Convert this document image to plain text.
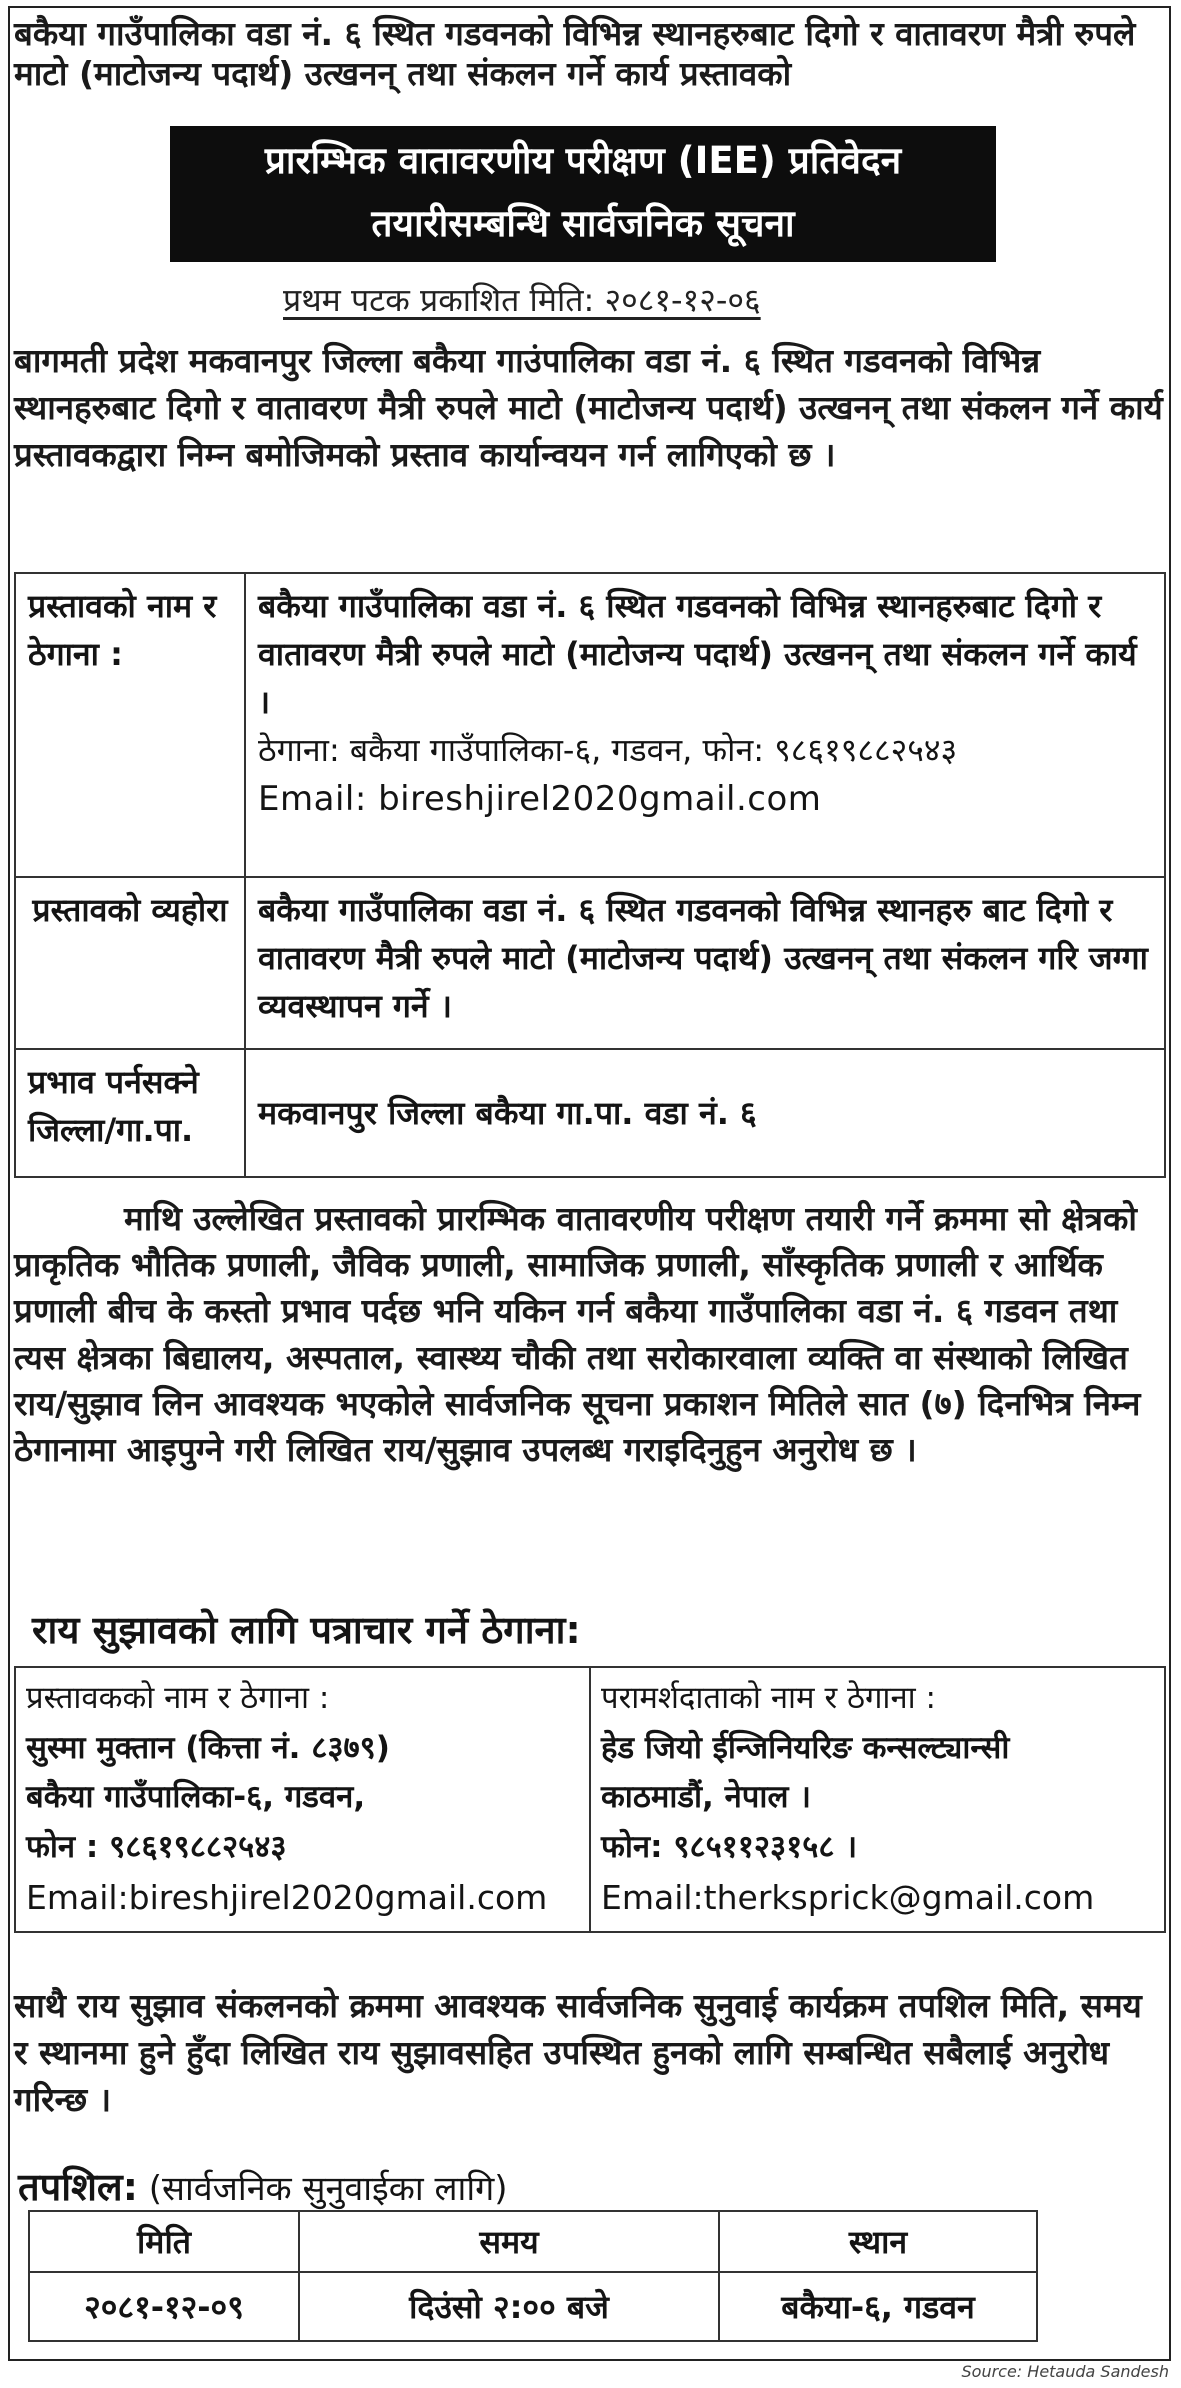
बकैया गाउँपालिका वडा नं. ६ स्थित गडवनको विभिन्न स्थानहरुबाट दिगो र वातावरण मैत्री रुपले माटो (माटोजन्य पदार्थ) उत्खनन् तथा संकलन गर्ने कार्य प्रस्तावको

प्रारम्भिक वातावरणीय परीक्षण (IEE) प्रतिवेदन
तयारीसम्बन्धि सार्वजनिक सूचना
प्रथम पटक प्रकाशित मिति: २०८१-१२-०६

बागमती प्रदेश मकवानपुर जिल्ला बकैया गाउंपालिका वडा नं. ६ स्थित गडवनको विभिन्न स्थानहरुबाट दिगो र वातावरण मैत्री रुपले माटो (माटोजन्य पदार्थ) उत्खनन् तथा संकलन गर्ने कार्य प्रस्तावकद्वारा निम्न बमोजिमको प्रस्ताव कार्यान्वयन गर्न लागिएको छ ।

प्रस्तावको नाम र ठेगाना :	बकैया गाउँपालिका वडा नं. ६ स्थित गडवनको विभिन्न स्थानहरुबाट दिगो र वातावरण मैत्री रुपले माटो (माटोजन्य पदार्थ) उत्खनन् तथा संकलन गर्ने कार्य ।
ठेगाना: बकैया गाउँपालिका-६, गडवन, फोन: ९८६१९८८२५४३
Email: bireshjirel2020gmail.com

प्रस्तावको व्यहोरा	बकैया गाउँपालिका वडा नं. ६ स्थित गडवनको विभिन्न स्थानहरु बाट दिगो र वातावरण मैत्री रुपले माटो (माटोजन्य पदार्थ) उत्खनन् तथा संकलन गरि जग्गा व्यवस्थापन गर्ने ।
प्रभाव पर्नसक्ने जिल्ला/गा.पा.	मकवानपुर जिल्ला बकैया गा.पा. वडा नं. ६

माथि उल्लेखित प्रस्तावको प्रारम्भिक वातावरणीय परीक्षण तयारी गर्ने क्रममा सो क्षेत्रको प्राकृतिक भौतिक प्रणाली, जैविक प्रणाली, सामाजिक प्रणाली, साँस्कृतिक प्रणाली र आर्थिक प्रणाली बीच के कस्तो प्रभाव पर्दछ भनि यकिन गर्न बकैया गाउँपालिका वडा नं. ६ गडवन तथा त्यस क्षेत्रका बिद्यालय, अस्पताल, स्वास्थ्य चौकी तथा सरोकारवाला व्यक्ति वा संस्थाको लिखित राय/सुझाव लिन आवश्यक भएकोले सार्वजनिक सूचना प्रकाशन मितिले सात (७) दिनभित्र निम्न ठेगानामा आइपुग्ने गरी लिखित राय/सुझाव उपलब्ध गराइदिनुहुन अनुरोध छ ।

राय सुझावको लागि पत्राचार गर्ने ठेगाना:
प्रस्तावकको नाम र ठेगाना :
सुस्मा मुक्तान (कित्ता नं. ८३७९)
बकैया गाउँपालिका-६, गडवन,
फोन : ९८६१९८८२५४३
Email:bireshjirel2020gmail.com

परामर्शदाताको नाम र ठेगाना :
हेड जियो ईन्जिनियरिङ कन्सल्ट्यान्सी
काठमाडौं, नेपाल ।
फोन: ९८५११२३१५८ ।
Email:therksprick@gmail.com

साथै राय सुझाव संकलनको क्रममा आवश्यक सार्वजनिक सुनुवाई कार्यक्रम तपशिल मिति, समय र स्थानमा हुने हुँदा लिखित राय सुझावसहित उपस्थित हुनको लागि सम्बन्धित सबैलाई अनुरोध गरिन्छ ।

तपशिल: (सार्वजनिक सुनुवाईका लागि)
मिति	समय	स्थान
२०८१-१२-०९	दिउंसो २:०० बजे	बकैया-६, गडवन
Source: Hetauda Sandesh
